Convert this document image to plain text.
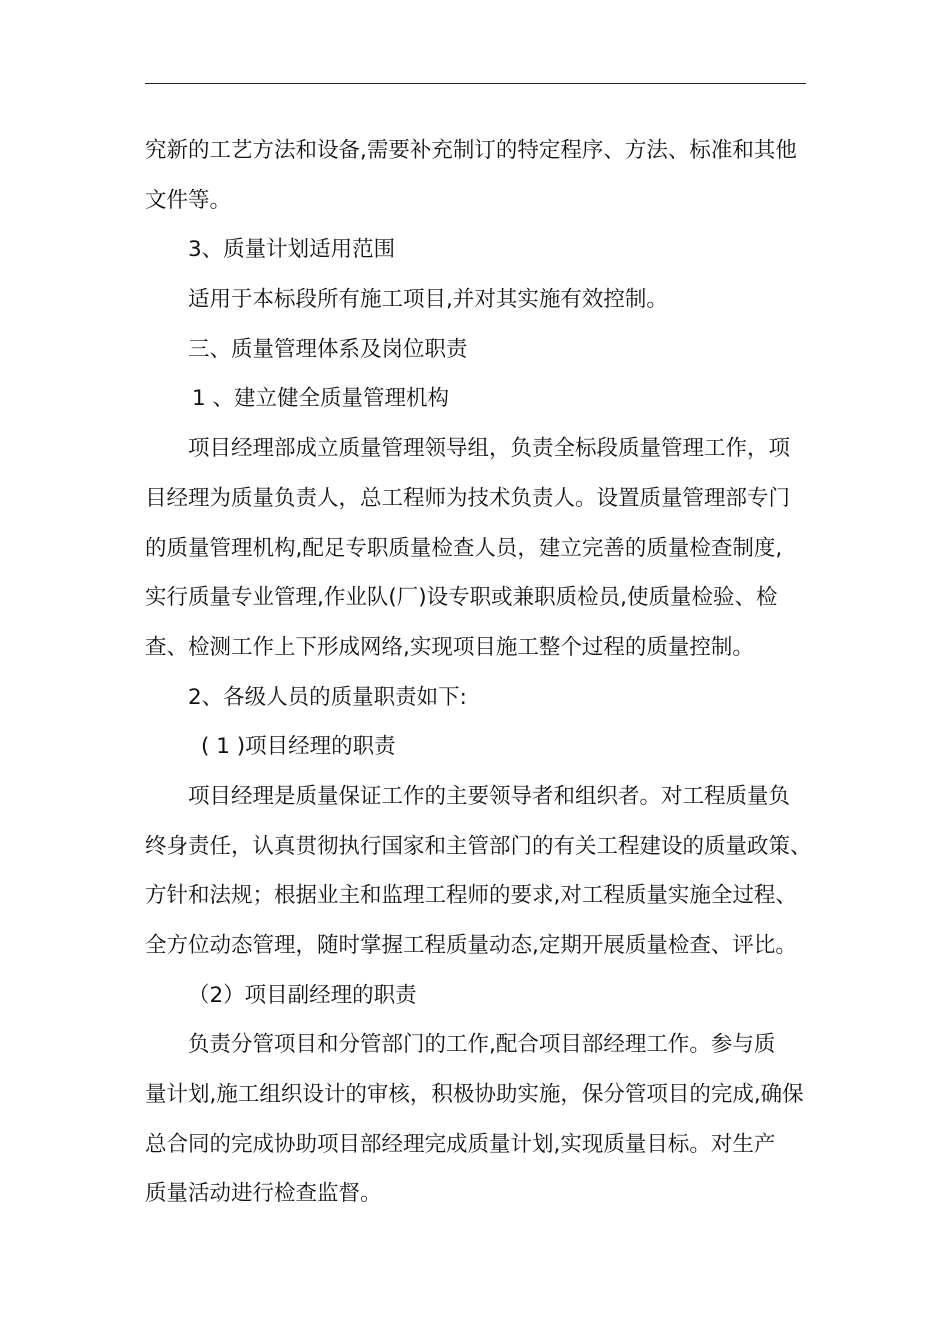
究新的工艺方法和设备,需要补充制订的特定程序、方法、标准和其他
文件等。
3、质量计划适用范围
适用于本标段所有施工项目,并对其实施有效控制。
三、质量管理体系及岗位职责
1 、建立健全质量管理机构
项目经理部成立质量管理领导组，负责全标段质量管理工作，项
目经理为质量负责人，总工程师为技术负责人。设置质量管理部专门
的质量管理机构,配足专职质量检查人员，建立完善的质量检查制度,
实行质量专业管理,作业队(厂)设专职或兼职质检员,使质量检验、检
查、检测工作上下形成网络,实现项目施工整个过程的质量控制。
2、各级人员的质量职责如下:
( 1 )项目经理的职责
项目经理是质量保证工作的主要领导者和组织者。对工程质量负
终身责任，认真贯彻执行国家和主管部门的有关工程建设的质量政策、
方针和法规；根据业主和监理工程师的要求,对工程质量实施全过程、
全方位动态管理，随时掌握工程质量动态,定期开展质量检查、评比。
（2）项目副经理的职责
负责分管项目和分管部门的工作,配合项目部经理工作。参与质
量计划,施工组织设计的审核，积极协助实施，保分管项目的完成,确保
总合同的完成协助项目部经理完成质量计划,实现质量目标。对生产
质量活动进行检查监督。
